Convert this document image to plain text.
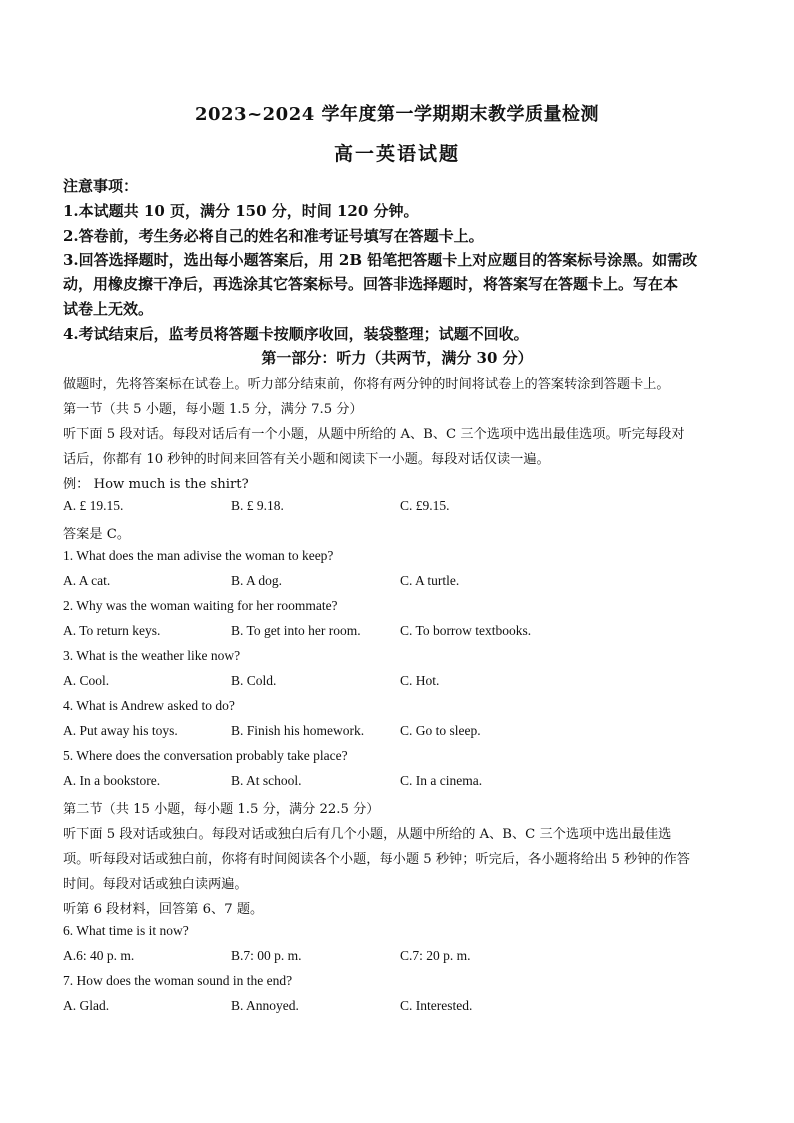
2023~2024 学年度第一学期期末教学质量检测
高一英语试题
注意事项：
1.本试题共 10 页，满分 150 分，时间 120 分钟。
2.答卷前，考生务必将自己的姓名和准考证号填写在答题卡上。
3.回答选择题时，选出每小题答案后，用 2B 铅笔把答题卡上对应题目的答案标号涂黑。如需改
动，用橡皮擦干净后，再选涂其它答案标号。回答非选择题时，将答案写在答题卡上。写在本
试卷上无效。
4.考试结束后，监考员将答题卡按顺序收回，装袋整理；试题不回收。
第一部分：听力（共两节，满分 30 分）
做题时，先将答案标在试卷上。听力部分结束前，你将有两分钟的时间将试卷上的答案转涂到答题卡上。
第一节（共 5 小题，每小题 1.5 分，满分 7.5 分）
听下面 5 段对话。每段对话后有一个小题，从题中所给的 A、B、C 三个选项中选出最佳选项。听完每段对
话后，你都有 10 秒钟的时间来回答有关小题和阅读下一小题。每段对话仅读一遍。
例： How much is the shirt?
A. £ 19.15.	B. £ 9.18.	C. £9.15.
答案是 C。
1. What does the man adivise the woman to keep?
A. A cat.	B. A dog.	C. A turtle.
2. Why was the woman waiting for her roommate?
A. To return keys.	B. To get into her room.	C. To borrow textbooks.
3. What is the weather like now?
A. Cool.	B. Cold.	C. Hot.
4. What is Andrew asked to do?
A. Put away his toys.	B. Finish his homework.	C. Go to sleep.
5. Where does the conversation probably take place?
A. In a bookstore.	B. At school.	C. In a cinema.
第二节（共 15 小题，每小题 1.5 分，满分 22.5 分）
听下面 5 段对话或独白。每段对话或独白后有几个小题，从题中所给的 A、B、C 三个选项中选出最佳选
项。听每段对话或独白前，你将有时间阅读各个小题，每小题 5 秒钟；听完后，各小题将给出 5 秒钟的作答
时间。每段对话或独白读两遍。
听第 6 段材料，回答第 6、7 题。
6. What time is it now?
A.6: 40 p. m.	B.7: 00 p. m.	C.7: 20 p. m.
7. How does the woman sound in the end?
A. Glad.	B. Annoyed.	C. Interested.
